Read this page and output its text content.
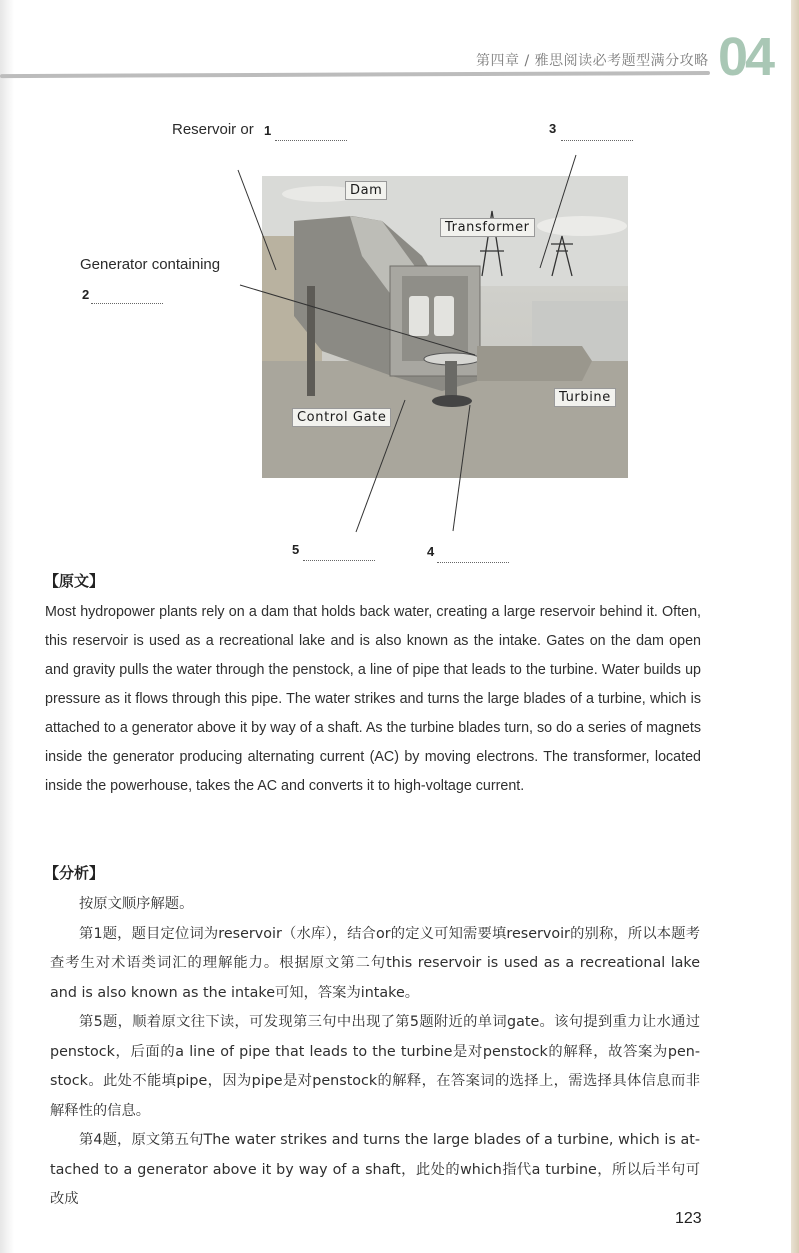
第四章 / 雅思阅读必考题型满分攻略 04
Reservoir or 1	3
Generator containing
2
5	4
Dam
Transformer
Turbine
Control Gate
【原文】
Most hydropower plants rely on a dam that holds back water, creating a large reservoir behind it. Often, this reservoir is used as a recreational lake and is also known as the intake. Gates on the dam open and gravity pulls the water through the penstock, a line of pipe that leads to the turbine. Water builds up pressure as it flows through this pipe. The water strikes and turns the large blades of a turbine, which is attached to a generator above it by way of a shaft. As the turbine blades turn, so do a series of magnets inside the generator producing alternating current (AC) by moving electrons. The transformer, located inside the powerhouse, takes the AC and converts it to high-voltage current.
【分析】
按原文顺序解题。
第1题，题目定位词为reservoir（水库），结合or的定义可知需要填reservoir的别称，所以本题考查考生对术语类词汇的理解能力。根据原文第二句this reservoir is used as a recreational lake and is also known as the intake可知，答案为intake。
第5题，顺着原文往下读，可发现第三句中出现了第5题附近的单词gate。该句提到重力让水通过penstock，后面的a line of pipe that leads to the turbine是对penstock的解释，故答案为pen-stock。此处不能填pipe，因为pipe是对penstock的解释，在答案词的选择上，需选择具体信息而非解释性的信息。
第4题，原文第五句The water strikes and turns the large blades of a turbine, which is at-tached to a generator above it by way of a shaft，此处的which指代a turbine，所以后半句可改成
123
